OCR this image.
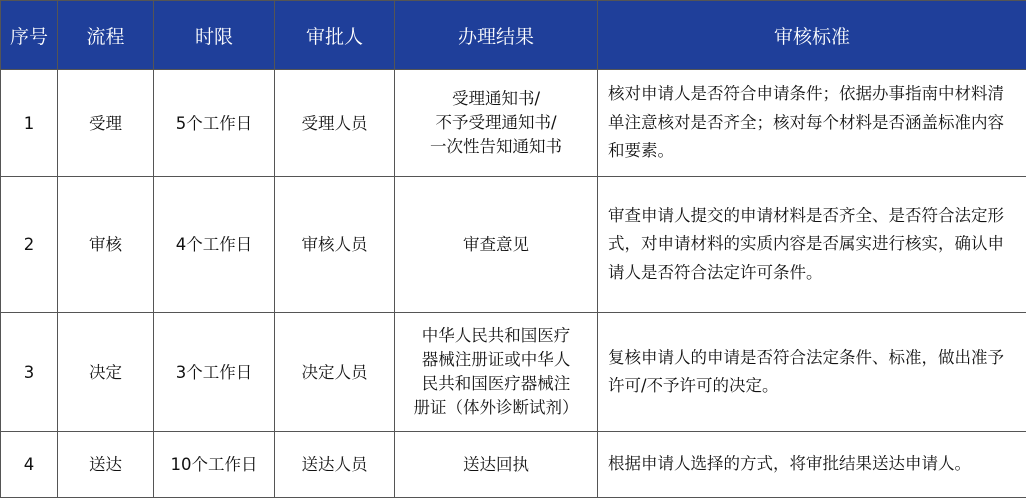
序号	流程	时限	审批人	办理结果	审核标准
1	受理	5个工作日	受理人员	受理通知书/
不予受理通知书/
一次性告知通知书	核对申请人是否符合申请条件；依据办事指南中材料清单注意核对是否齐全；核对每个材料是否涵盖标准内容和要素。
2	审核	4个工作日	审核人员	审查意见	审查申请人提交的申请材料是否齐全、是否符合法定形式，对申请材料的实质内容是否属实进行核实，确认申请人是否符合法定许可条件。
3	决定	3个工作日	决定人员	中华人民共和国医疗
器械注册证或中华人
民共和国医疗器械注
册证（体外诊断试剂）	复核申请人的申请是否符合法定条件、标准，做出准予许可/不予许可的决定。
4	送达	10个工作日	送达人员	送达回执	根据申请人选择的方式，将审批结果送达申请人。
